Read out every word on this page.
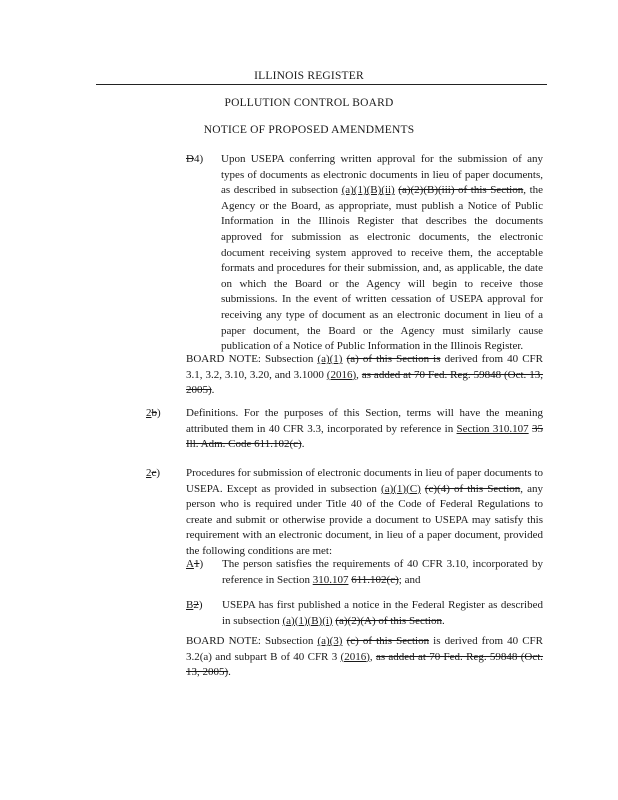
ILLINOIS REGISTER
POLLUTION CONTROL BOARD
NOTICE OF PROPOSED AMENDMENTS
D4) Upon USEPA conferring written approval for the submission of any types of documents as electronic documents in lieu of paper documents, as described in subsection (a)(1)(B)(ii) (a)(2)(B)(iii) of this Section, the Agency or the Board, as appropriate, must publish a Notice of Public Information in the Illinois Register that describes the documents approved for submission as electronic documents, the electronic document receiving system approved to receive them, the acceptable formats and procedures for their submission, and, as applicable, the date on which the Board or the Agency will begin to receive those submissions. In the event of written cessation of USEPA approval for receiving any type of document as an electronic document in lieu of a paper document, the Board or the Agency must similarly cause publication of a Notice of Public Information in the Illinois Register.
BOARD NOTE: Subsection (a)(1) (a) of this Section is derived from 40 CFR 3.1, 3.2, 3.10, 3.20, and 3.1000 (2016), as added at 70 Fed. Reg. 59848 (Oct. 13, 2005).
2b) Definitions. For the purposes of this Section, terms will have the meaning attributed them in 40 CFR 3.3, incorporated by reference in Section 310.107 35 Ill. Adm. Code 611.102(c).
2c) Procedures for submission of electronic documents in lieu of paper documents to USEPA. Except as provided in subsection (a)(1)(C) (c)(4) of this Section, any person who is required under Title 40 of the Code of Federal Regulations to create and submit or otherwise provide a document to USEPA may satisfy this requirement with an electronic document, in lieu of a paper document, provided the following conditions are met:
A1) The person satisfies the requirements of 40 CFR 3.10, incorporated by reference in Section 310.107 611.102(c); and
B2) USEPA has first published a notice in the Federal Register as described in subsection (a)(1)(B)(i) (a)(2)(A) of this Section.
BOARD NOTE: Subsection (a)(3) (c) of this Section is derived from 40 CFR 3.2(a) and subpart B of 40 CFR 3 (2016), as added at 70 Fed. Reg. 59848 (Oct. 13, 2005).
